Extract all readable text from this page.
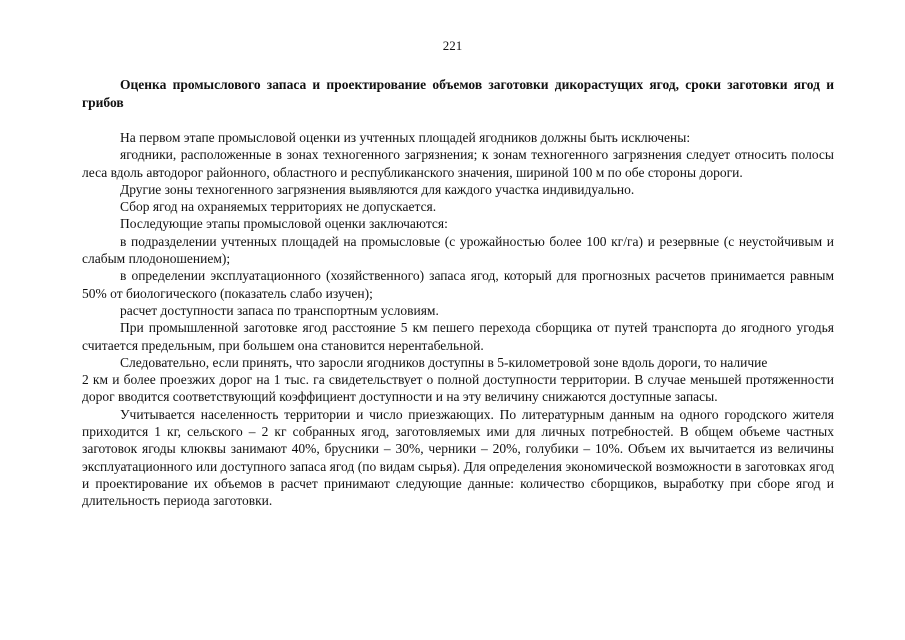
221
Оценка промыслового запаса и проектирование объемов заготовки дикорастущих ягод, сроки заготовки ягод и грибов

На первом этапе промысловой оценки из учтенных площадей ягодников должны быть исключены:

ягодники, расположенные в зонах техногенного загрязнения; к зонам техногенного загрязнения следует относить полосы леса вдоль автодорог районного, областного и республиканского значения, шириной 100 м по обе стороны дороги.

Другие зоны техногенного загрязнения выявляются для каждого участка индивидуально.

Сбор ягод на охраняемых территориях не допускается.

Последующие этапы промысловой оценки заключаются:

в подразделении учтенных площадей на промысловые (с урожайностью более 100 кг/га) и резервные (с неустойчивым и слабым плодоношением);

в определении эксплуатационного (хозяйственного) запаса ягод, который для прогнозных расчетов принимается равным 50% от биологического (показатель слабо изучен);

расчет доступности запаса по транспортным условиям.

При промышленной заготовке ягод расстояние 5 км пешего перехода сборщика от путей транспорта до ягодного угодья считается предельным, при большем она становится нерентабельной.

Следовательно, если принять, что заросли ягодников доступны в 5-километровой зоне вдоль дороги, то наличие

2 км и более проезжих дорог на 1 тыс. га свидетельствует о полной доступности территории. В случае меньшей протяженности дорог вводится соответствующий коэффициент доступности и на эту величину снижаются доступные запасы.

Учитывается населенность территории и число приезжающих. По литературным данным на одного городского жителя приходится 1 кг, сельского – 2 кг собранных ягод, заготовляемых ими для личных потребностей. В общем объеме частных заготовок ягоды клюквы занимают 40%, брусники – 30%, черники – 20%, голубики – 10%. Объем их вычитается из величины эксплуатационного или доступного запаса ягод (по видам сырья). Для определения экономической возможности в заготовках ягод и проектирование их объемов в расчет принимают следующие данные: количество сборщиков, выработку при сборе ягод и длительность периода заготовки.
